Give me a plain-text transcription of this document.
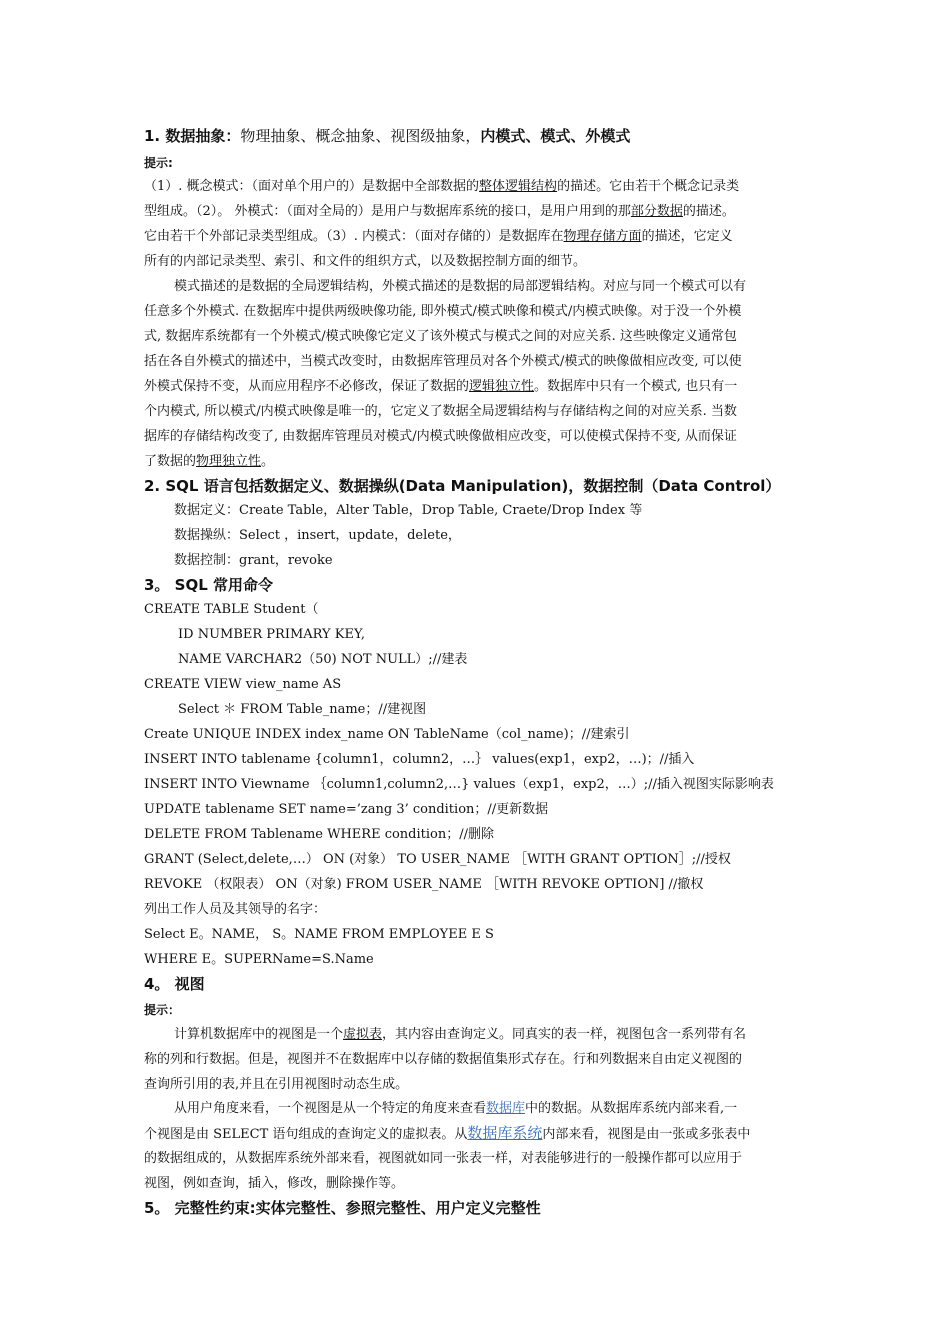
1. 数据抽象：物理抽象、概念抽象、视图级抽象，内模式、模式、外模式
提示:
（1）. 概念模式：（面对单个用户的）是数据中全部数据的整体逻辑结构的描述。它由若干个概念记录类
型组成。（2）。 外模式：（面对全局的）是用户与数据库系统的接口，是用户用到的那部分数据的描述。
它由若干个外部记录类型组成。（3）. 内模式：（面对存储的）是数据库在物理存储方面的描述，它定义
所有的内部记录类型、索引、和文件的组织方式，以及数据控制方面的细节。
模式描述的是数据的全局逻辑结构，外模式描述的是数据的局部逻辑结构。对应与同一个模式可以有
任意多个外模式. 在数据库中提供两级映像功能, 即外模式/模式映像和模式/内模式映像。对于没一个外模
式, 数据库系统都有一个外模式/模式映像它定义了该外模式与模式之间的对应关系. 这些映像定义通常包
括在各自外模式的描述中，当模式改变时，由数据库管理员对各个外模式/模式的映像做相应改变, 可以使
外模式保持不变，从而应用程序不必修改，保证了数据的逻辑独立性。数据库中只有一个模式, 也只有一
个内模式, 所以模式/内模式映像是唯一的，它定义了数据全局逻辑结构与存储结构之间的对应关系. 当数
据库的存储结构改变了, 由数据库管理员对模式/内模式映像做相应改变，可以使模式保持不变, 从而保证
了数据的物理独立性。
2. SQL 语言包括数据定义、数据操纵(Data Manipulation)，数据控制（Data Control）
数据定义：Create Table，Alter Table，Drop Table, Craete/Drop Index 等
数据操纵：Select ，insert，update，delete，
数据控制：grant，revoke
3。 SQL 常用命令
CREATE TABLE Student（
ID NUMBER PRIMARY KEY,
NAME VARCHAR2（50) NOT NULL）;//建表
CREATE VIEW view_name AS
Select ＊ FROM Table_name；//建视图
Create UNIQUE INDEX index_name ON TableName（col_name)；//建索引
INSERT INTO tablename {column1，column2，…｝ values(exp1，exp2，…)；//插入
INSERT INTO Viewname ｛column1,column2,…} values（exp1，exp2，…）;//插入视图实际影响表
UPDATE tablename SET name=’zang 3’ condition；//更新数据
DELETE FROM Tablename WHERE condition；//删除
GRANT (Select,delete,…） ON (对象） TO USER_NAME ［WITH GRANT OPTION］;//授权
REVOKE （权限表） ON（对象) FROM USER_NAME ［WITH REVOKE OPTION] //撤权
列出工作人员及其领导的名字：
Select E。NAME， S。NAME FROM EMPLOYEE E S
WHERE E。SUPERName=S.Name
4。 视图
提示：
计算机数据库中的视图是一个虚拟表，其内容由查询定义。同真实的表一样，视图包含一系列带有名
称的列和行数据。但是，视图并不在数据库中以存储的数据值集形式存在。行和列数据来自由定义视图的
查询所引用的表,并且在引用视图时动态生成。
从用户角度来看，一个视图是从一个特定的角度来查看数据库中的数据。从数据库系统内部来看,一
个视图是由 SELECT 语句组成的查询定义的虚拟表。从数据库系统内部来看，视图是由一张或多张表中
的数据组成的，从数据库系统外部来看，视图就如同一张表一样，对表能够进行的一般操作都可以应用于
视图，例如查询，插入，修改，删除操作等。
5。 完整性约束:实体完整性、参照完整性、用户定义完整性
